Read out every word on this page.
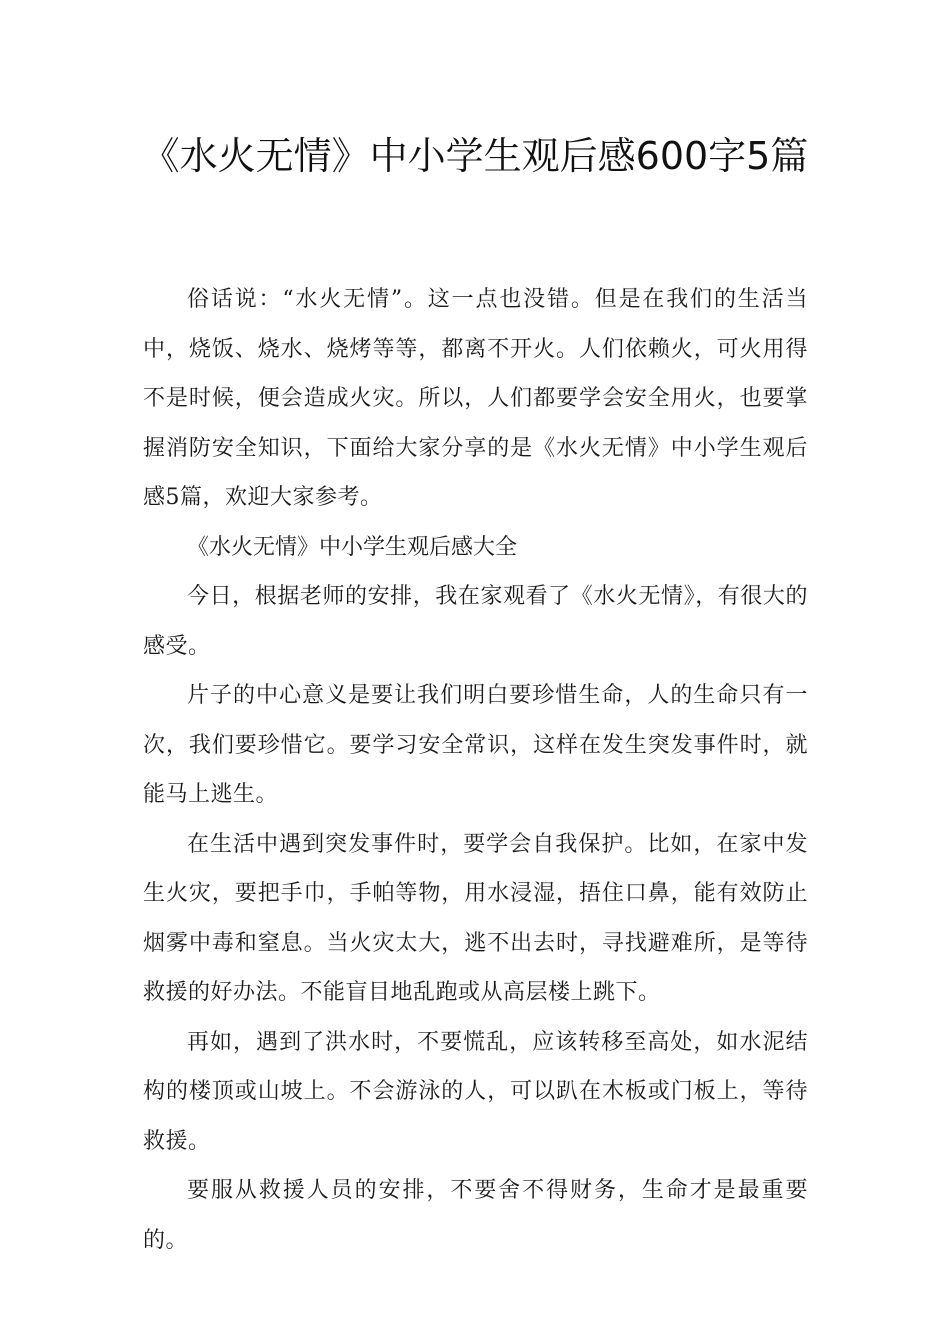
《水火无情》中小学生观后感600字5篇

俗话说：“水火无情”。这一点也没错。但是在我们的生活当中，烧饭、烧水、烧烤等等，都离不开火。人们依赖火，可火用得不是时候，便会造成火灾。所以，人们都要学会安全用火，也要掌握消防安全知识，下面给大家分享的是《水火无情》中小学生观后感5篇，欢迎大家参考。

《水火无情》中小学生观后感大全

今日，根据老师的安排，我在家观看了《水火无情》，有很大的感受。

片子的中心意义是要让我们明白要珍惜生命，人的生命只有一次，我们要珍惜它。要学习安全常识，这样在发生突发事件时，就能马上逃生。

在生活中遇到突发事件时，要学会自我保护。比如，在家中发生火灾，要把手巾，手帕等物，用水浸湿，捂住口鼻，能有效防止烟雾中毒和窒息。当火灾太大，逃不出去时，寻找避难所，是等待救援的好办法。不能盲目地乱跑或从高层楼上跳下。

再如，遇到了洪水时，不要慌乱，应该转移至高处，如水泥结构的楼顶或山坡上。不会游泳的人，可以趴在木板或门板上，等待救援。

要服从救援人员的安排，不要舍不得财务，生命才是最重要的。
